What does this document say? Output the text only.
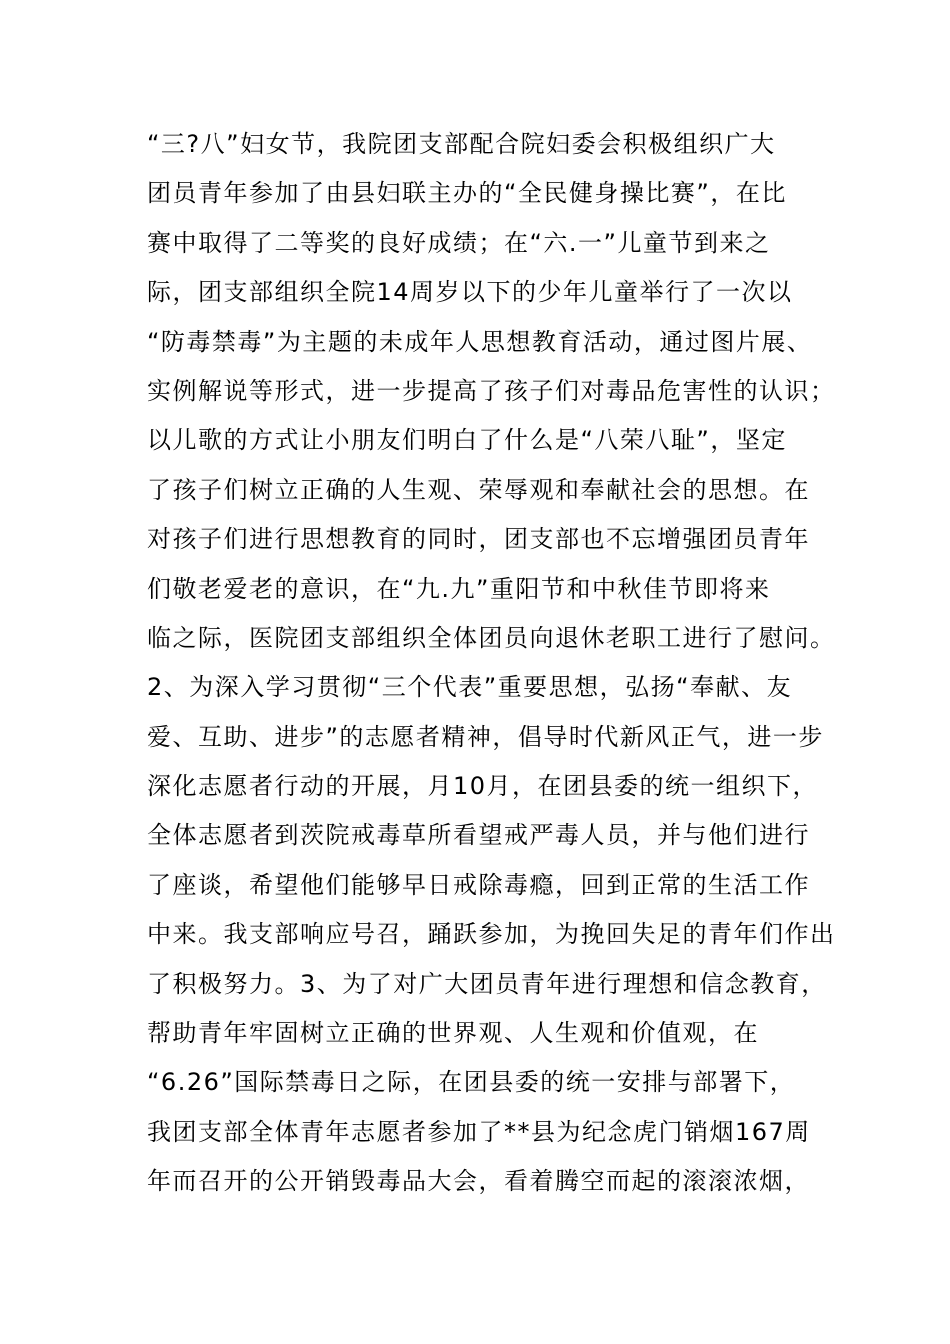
“三?八”妇女节，我院团支部配合院妇委会积极组织广大
团员青年参加了由县妇联主办的“全民健身操比赛”，在比
赛中取得了二等奖的良好成绩；在“六.一”儿童节到来之
际，团支部组织全院14周岁以下的少年儿童举行了一次以
“防毒禁毒”为主题的未成年人思想教育活动，通过图片展、
实例解说等形式，进一步提高了孩子们对毒品危害性的认识；
以儿歌的方式让小朋友们明白了什么是“八荣八耻”，坚定
了孩子们树立正确的人生观、荣辱观和奉献社会的思想。在
对孩子们进行思想教育的同时，团支部也不忘增强团员青年
们敬老爱老的意识，在“九.九”重阳节和中秋佳节即将来
临之际，医院团支部组织全体团员向退休老职工进行了慰问。
2、为深入学习贯彻“三个代表”重要思想，弘扬“奉献、友
爱、互助、进步”的志愿者精神，倡导时代新风正气，进一步
深化志愿者行动的开展，月10月，在团县委的统一组织下，
全体志愿者到茨院戒毒草所看望戒严毒人员，并与他们进行
了座谈，希望他们能够早日戒除毒瘾，回到正常的生活工作
中来。我支部响应号召，踊跃参加，为挽回失足的青年们作出
了积极努力。3、为了对广大团员青年进行理想和信念教育，
帮助青年牢固树立正确的世界观、人生观和价值观，在
“6.26”国际禁毒日之际，在团县委的统一安排与部署下，
我团支部全体青年志愿者参加了**县为纪念虎门销烟167周
年而召开的公开销毁毒品大会，看着腾空而起的滚滚浓烟，
